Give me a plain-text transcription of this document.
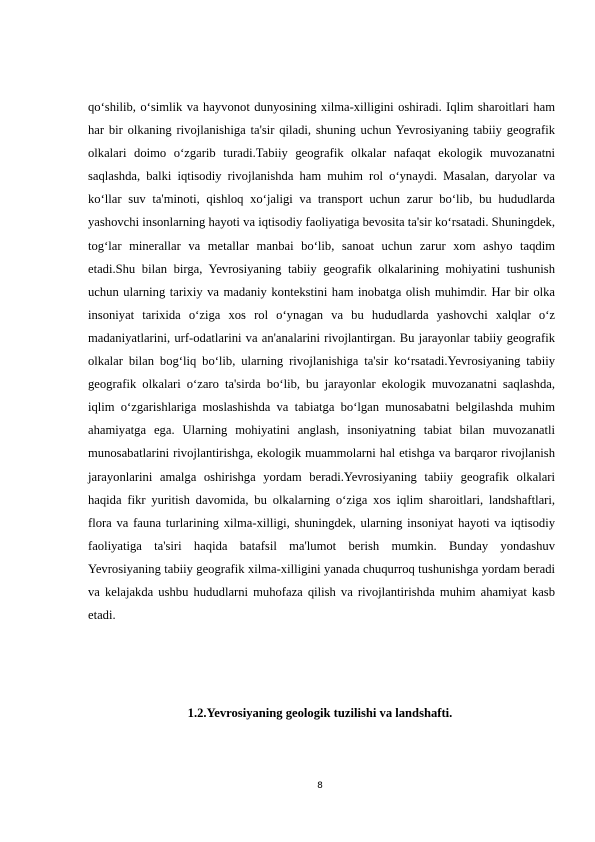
qo‘shilib, o‘simlik va hayvonot dunyosining xilma-xilligini oshiradi. Iqlim sharoitlari ham har bir olkaning rivojlanishiga ta'sir qiladi, shuning uchun Yevrosiyaning tabiiy geografik olkalari doimo o‘zgarib turadi.Tabiiy geografik olkalar nafaqat ekologik muvozanatni saqlashda, balki iqtisodiy rivojlanishda ham muhim rol o‘ynaydi. Masalan, daryolar va ko‘llar suv ta'minoti, qishloq xo‘jaligi va transport uchun zarur bo‘lib, bu hududlarda yashovchi insonlarning hayoti va iqtisodiy faoliyatiga bevosita ta'sir ko‘rsatadi. Shuningdek, tog‘lar minerallar va metallar manbai bo‘lib, sanoat uchun zarur xom ashyo taqdim etadi.Shu bilan birga, Yevrosiyaning tabiiy geografik olkalarining mohiyatini tushunish uchun ularning tarixiy va madaniy kontekstini ham inobatga olish muhimdir. Har bir olka insoniyat tarixida o‘ziga xos rol o‘ynagan va bu hududlarda yashovchi xalqlar o‘z madaniyatlarini, urf-odatlarini va an'analarini rivojlantirgan. Bu jarayonlar tabiiy geografik olkalar bilan bog‘liq bo‘lib, ularning rivojlanishiga ta'sir ko‘rsatadi.Yevrosiyaning tabiiy geografik olkalari o‘zaro ta'sirda bo‘lib, bu jarayonlar ekologik muvozanatni saqlashda, iqlim o‘zgarishlariga moslashishda va tabiatga bo‘lgan munosabatni belgilashda muhim ahamiyatga ega. Ularning mohiyatini anglash, insoniyatning tabiat bilan muvozanatli munosabatlarini rivojlantirishga, ekologik muammolarni hal etishga va barqaror rivojlanish jarayonlarini amalga oshirishga yordam beradi.Yevrosiyaning tabiiy geografik olkalari haqida fikr yuritish davomida, bu olkalarning o‘ziga xos iqlim sharoitlari, landshaftlari, flora va fauna turlarining xilma-xilligi, shuningdek, ularning insoniyat hayoti va iqtisodiy faoliyatiga ta'siri haqida batafsil ma'lumot berish mumkin. Bunday yondashuv Yevrosiyaning tabiiy geografik xilma-xilligini yanada chuqurroq tushunishga yordam beradi va kelajakda ushbu hududlarni muhofaza qilish va rivojlantirishda muhim ahamiyat kasb etadi.

1.2.Yevrosiyaning geologik tuzilishi va landshafti.

8
